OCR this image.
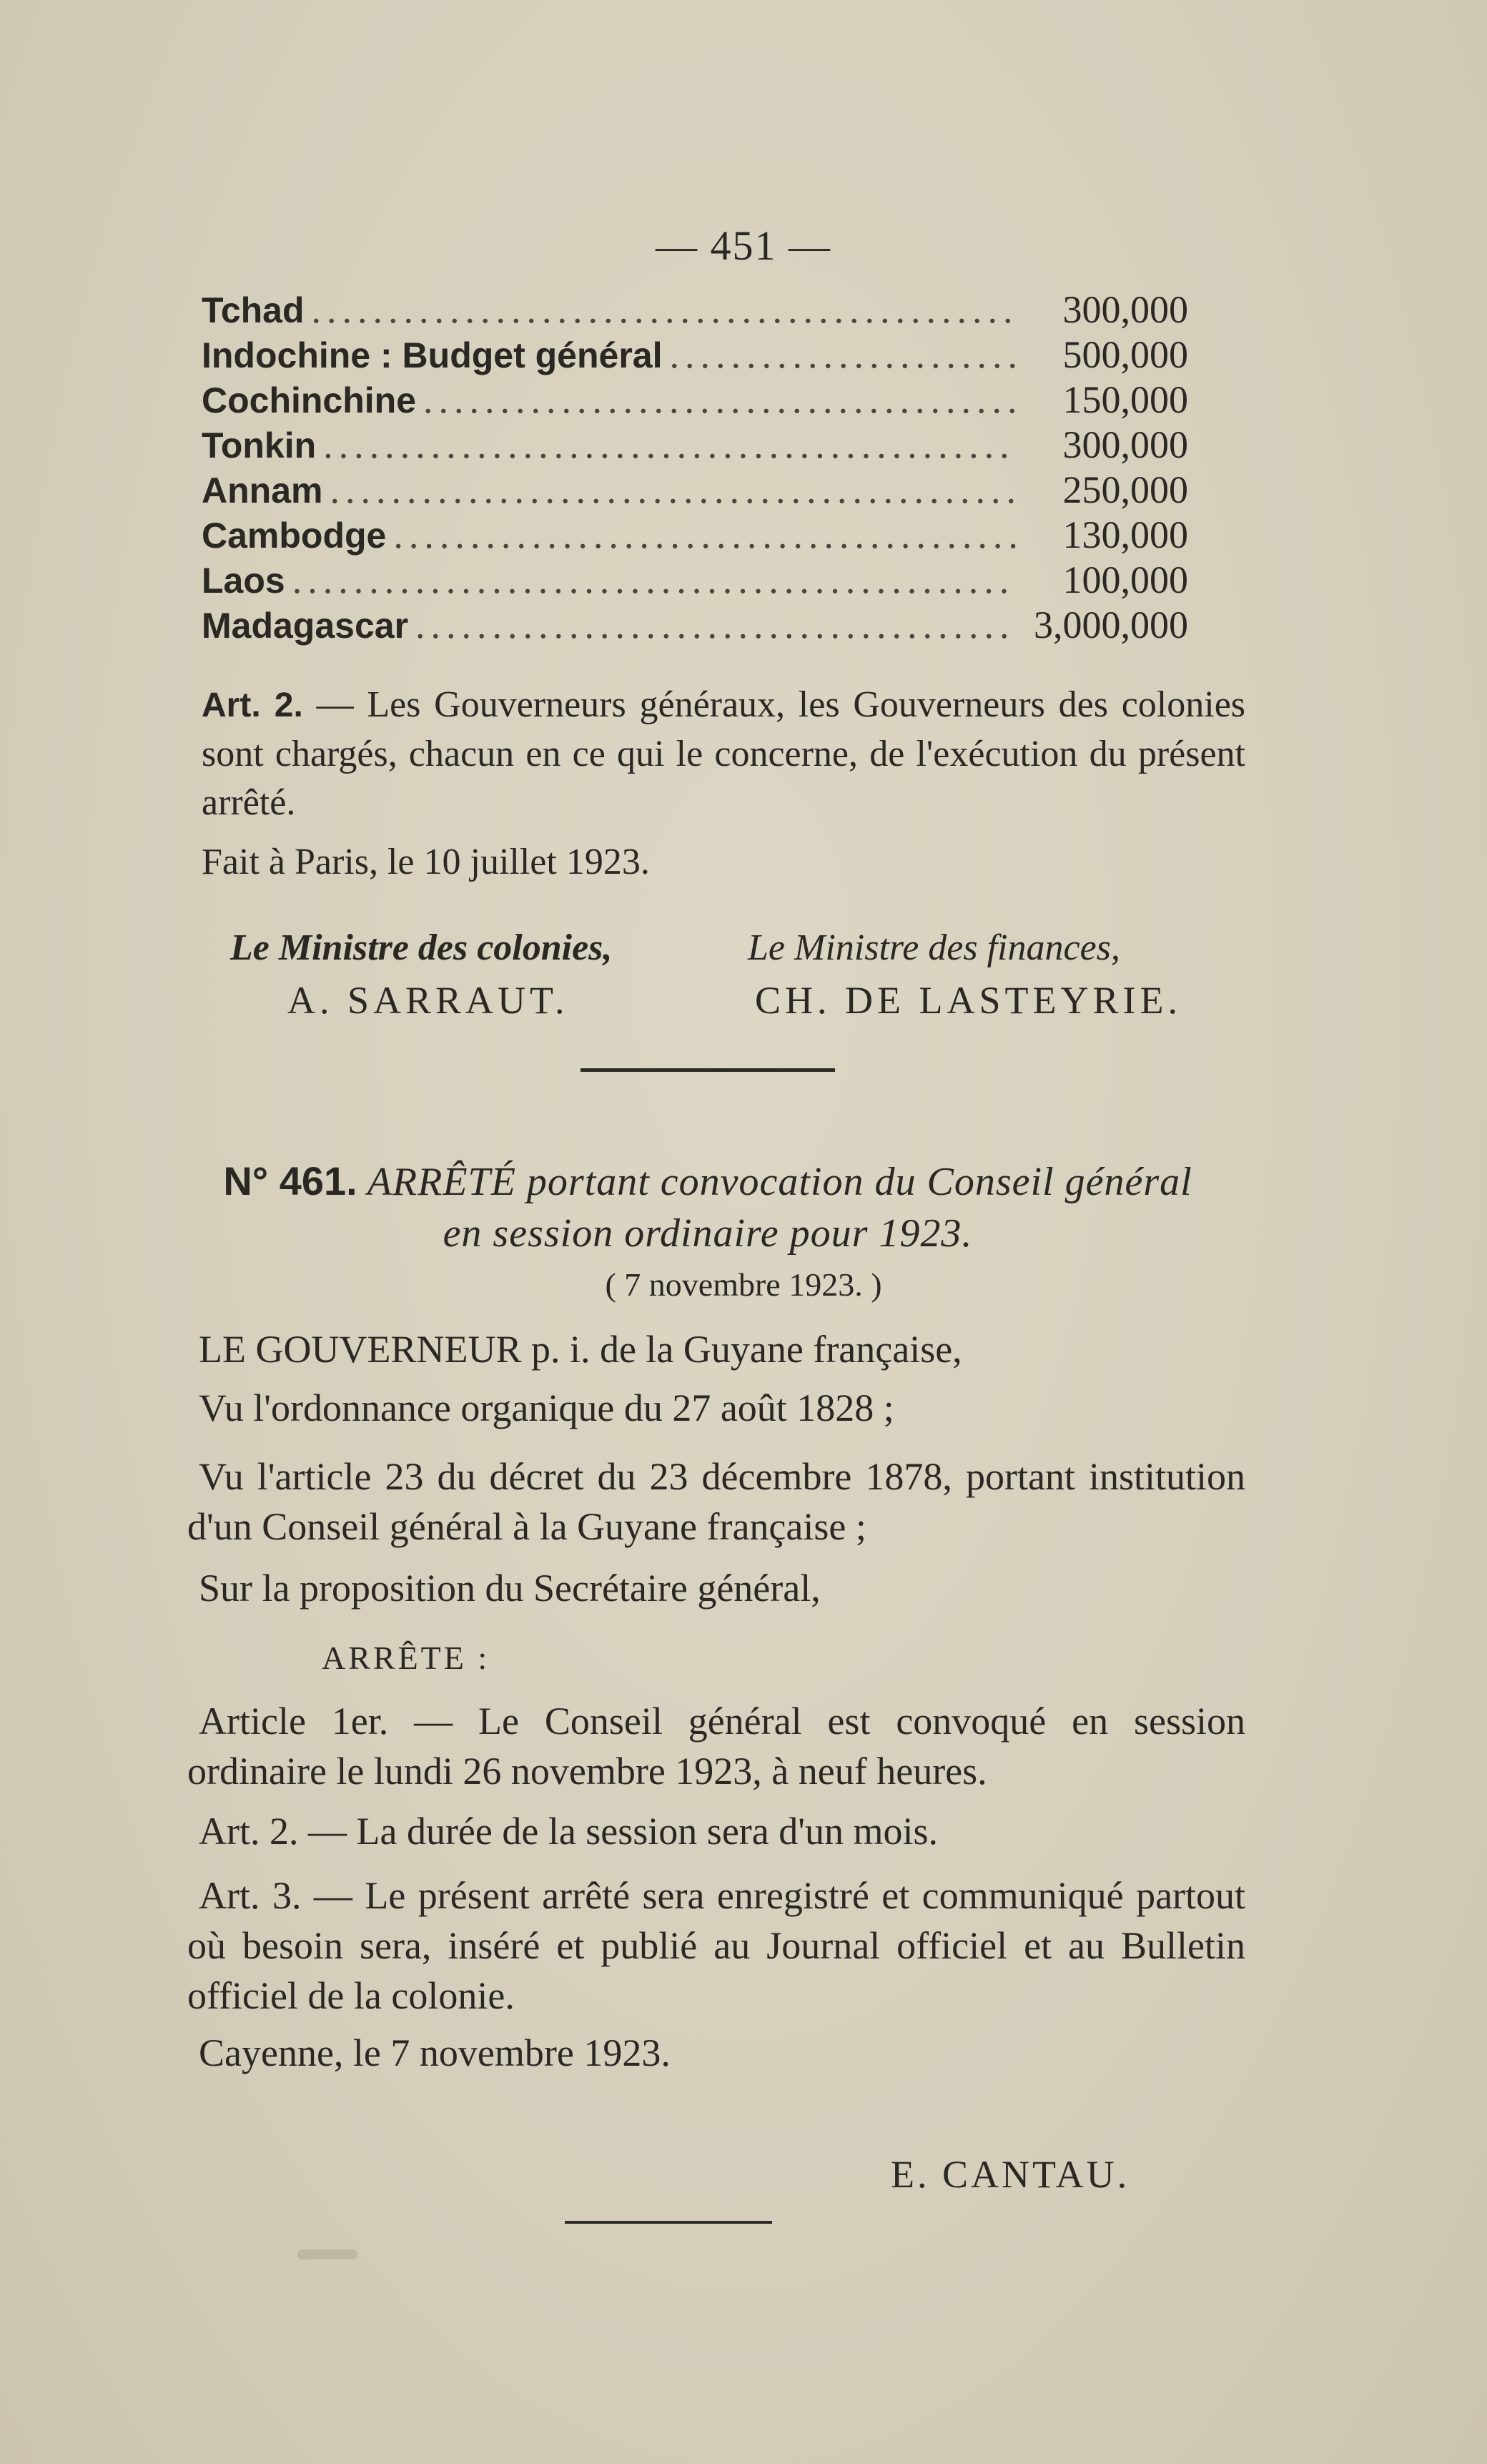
— 451 —
Tchad .....	300,000
Indochine : Budget général .....	500,000
Cochinchine .....	150,000
Tonkin .....	300,000
Annam .....	250,000
Cambodge .....	130,000
Laos .....	100,000
Madagascar .....	3,000,000
Art. 2. — Les Gouverneurs généraux, les Gouverneurs des colonies sont chargés, chacun en ce qui le concerne, de l'exécution du présent arrêté.
Fait à Paris, le 10 juillet 1923.
Le Ministre des colonies,
A. SARRAUT.
Le Ministre des finances,
CH. DE LASTEYRIE.
N° 461. ARRÊTÉ portant convocation du Conseil général
en session ordinaire pour 1923.
( 7 novembre 1923. )
LE GOUVERNEUR p. i. de la Guyane française,
Vu l'ordonnance organique du 27 août 1828 ;
Vu l'article 23 du décret du 23 décembre 1878, portant institution d'un Conseil général à la Guyane française ;
Sur la proposition du Secrétaire général,
ARRÊTE :
Article 1er. — Le Conseil général est convoqué en session ordinaire le lundi 26 novembre 1923, à neuf heures.
Art. 2. — La durée de la session sera d'un mois.
Art. 3. — Le présent arrêté sera enregistré et communiqué partout où besoin sera, inséré et publié au Journal officiel et au Bulletin officiel de la colonie.
Cayenne, le 7 novembre 1923.
E. CANTAU.
